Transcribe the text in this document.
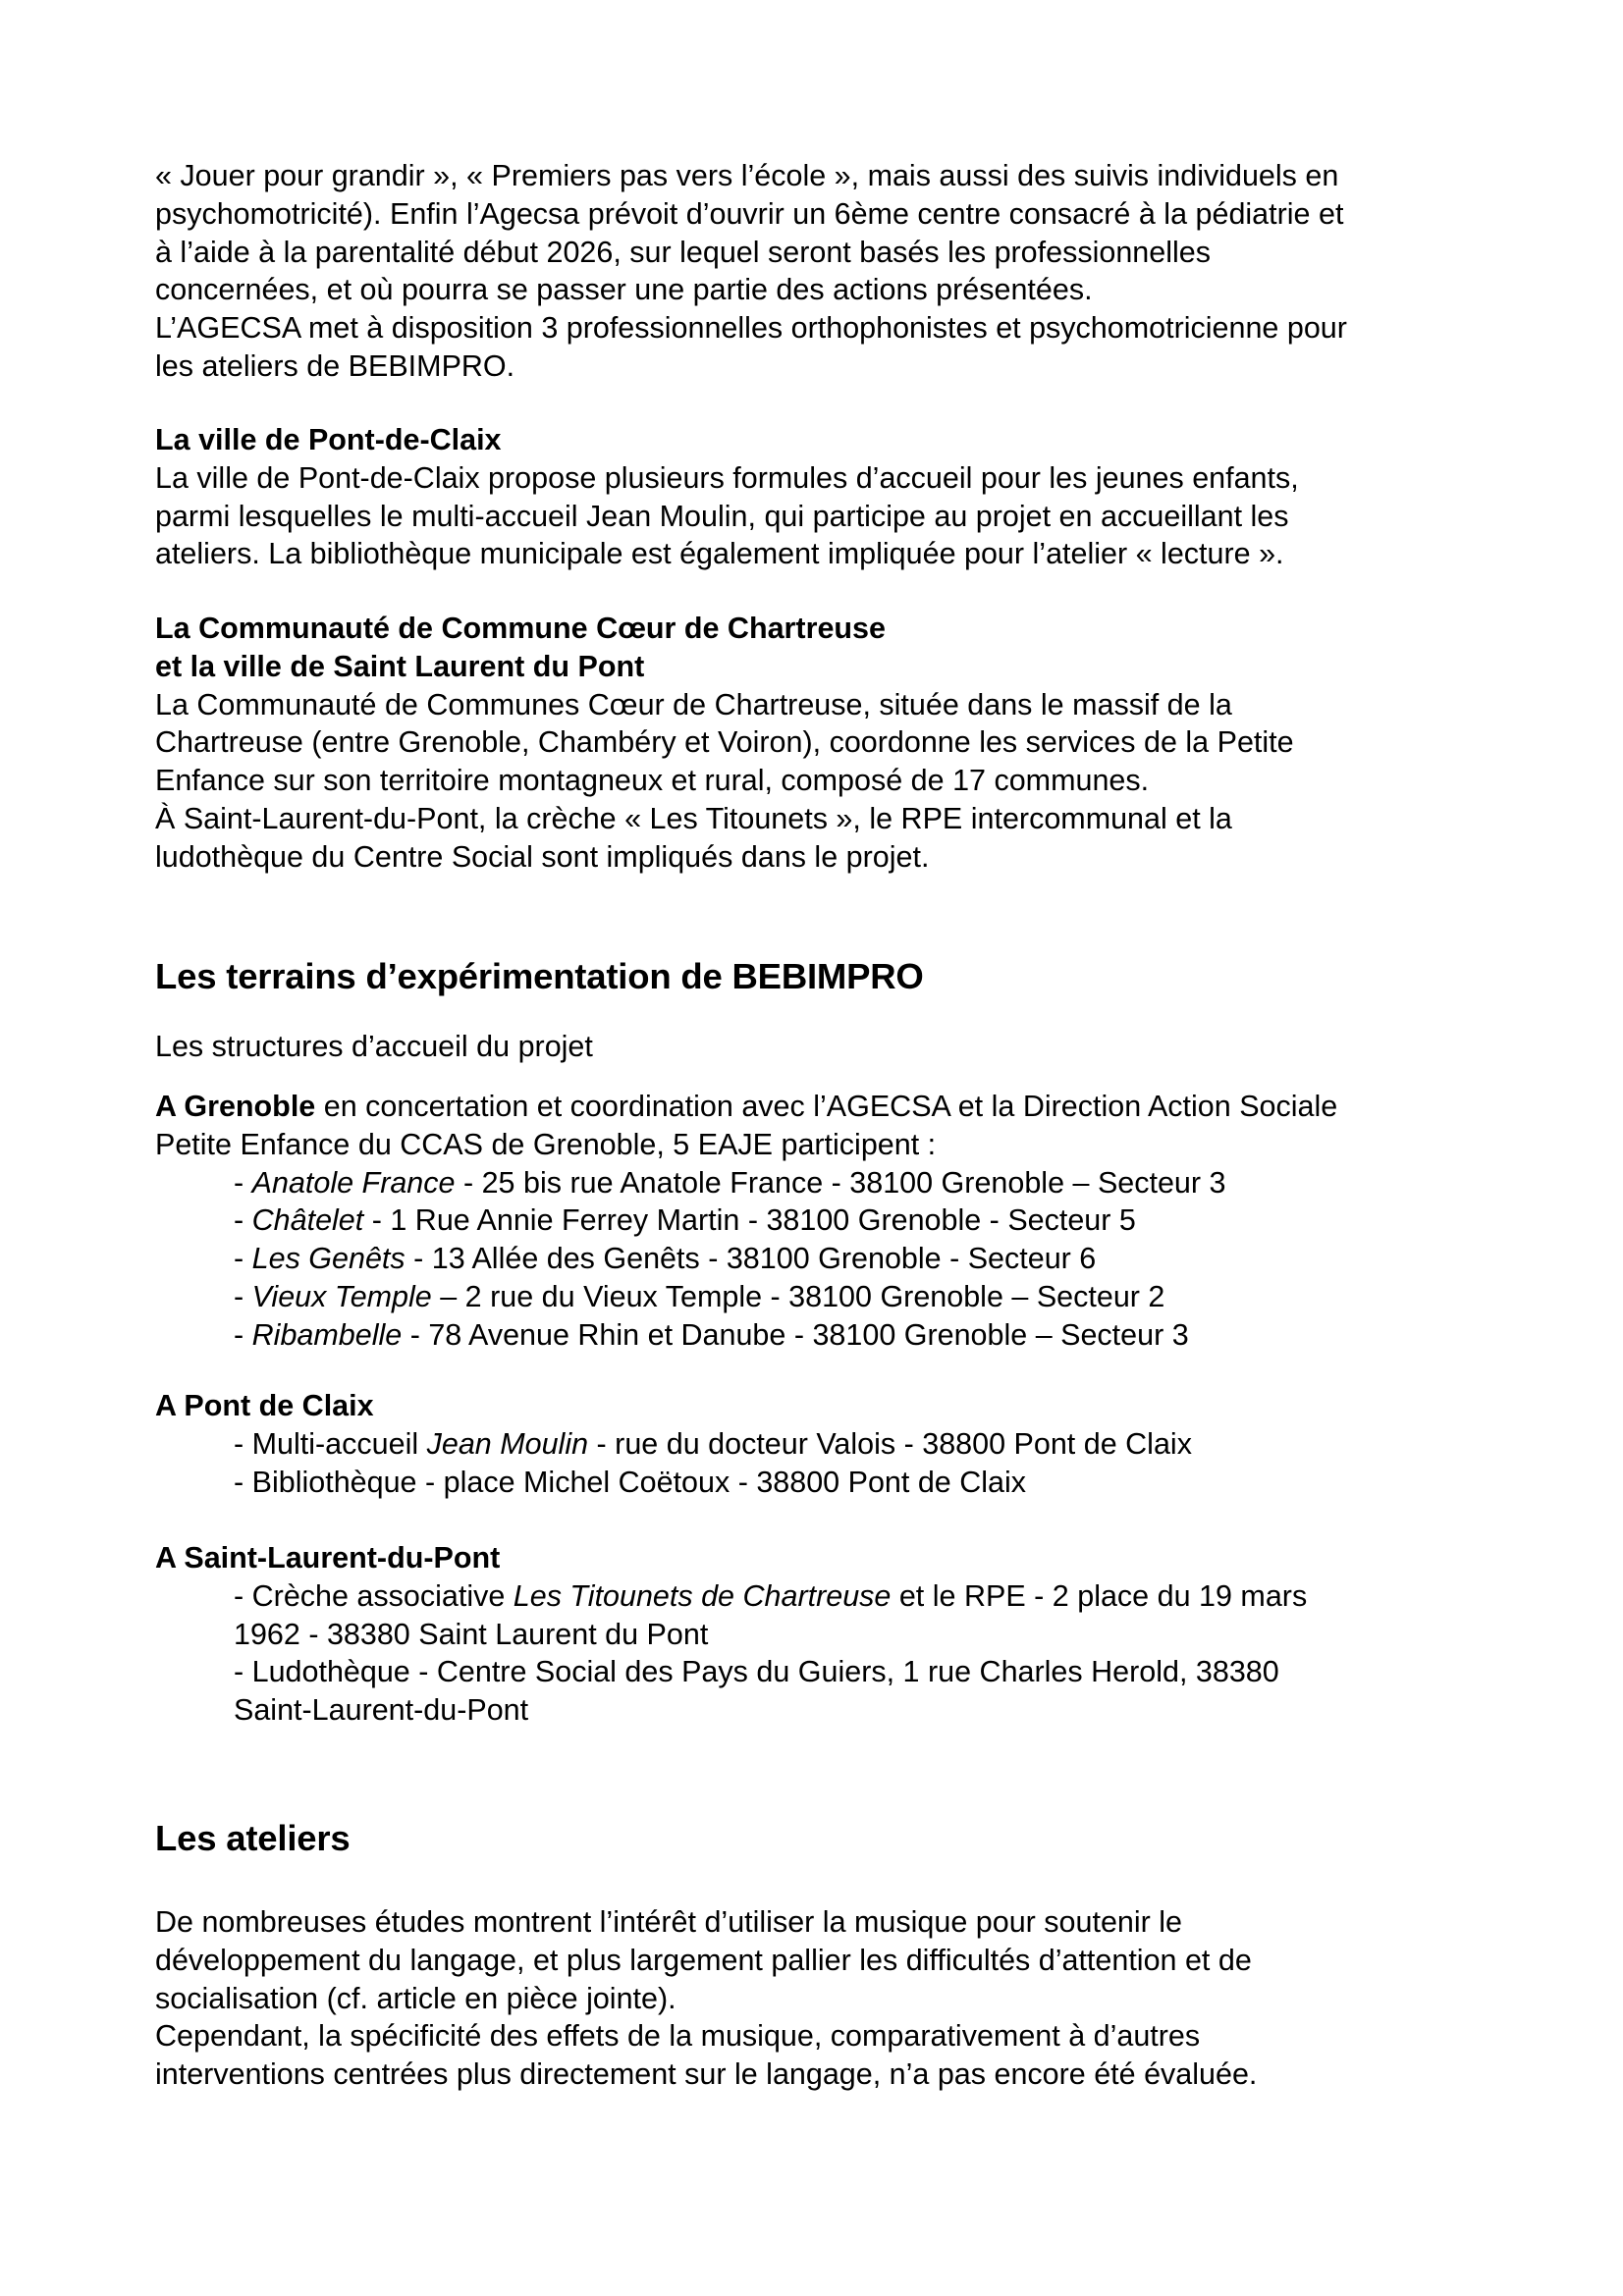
« Jouer pour grandir », « Premiers pas vers l’école », mais aussi des suivis individuels en

psychomotricité). Enfin l’Agecsa prévoit d’ouvrir un 6ème centre consacré à la pédiatrie et

à l’aide à la parentalité début 2026, sur lequel seront basés les professionnelles

concernées, et où pourra se passer une partie des actions présentées.

L’AGECSA met à disposition 3 professionnelles orthophonistes et psychomotricienne pour

les ateliers de BEBIMPRO.

La ville de Pont-de-Claix

La ville de Pont-de-Claix propose plusieurs formules d’accueil pour les jeunes enfants,

parmi lesquelles le multi-accueil Jean Moulin, qui participe au projet en accueillant les

ateliers. La bibliothèque municipale est également impliquée pour l’atelier « lecture ».

La Communauté de Commune Cœur de Chartreuse

et la ville de Saint Laurent du Pont

La Communauté de Communes Cœur de Chartreuse, située dans le massif de la

Chartreuse (entre Grenoble, Chambéry et Voiron), coordonne les services de la Petite

Enfance sur son territoire montagneux et rural, composé de 17 communes.

À Saint-Laurent-du-Pont, la crèche « Les Titounets », le RPE intercommunal et la

ludothèque du Centre Social sont impliqués dans le projet.

Les terrains d’expérimentation de BEBIMPRO

Les structures d’accueil du projet

A Grenoble en concertation et coordination avec l’AGECSA et la Direction Action Sociale

Petite Enfance du CCAS de Grenoble, 5 EAJE participent :

- Anatole France - 25 bis rue Anatole France - 38100 Grenoble – Secteur 3

- Châtelet - 1 Rue Annie Ferrey Martin - 38100 Grenoble - Secteur 5

- Les Genêts - 13 Allée des Genêts - 38100 Grenoble - Secteur 6

- Vieux Temple – 2 rue du Vieux Temple - 38100 Grenoble – Secteur 2

- Ribambelle - 78 Avenue Rhin et Danube - 38100 Grenoble – Secteur 3

A Pont de Claix

- Multi-accueil Jean Moulin - rue du docteur Valois - 38800 Pont de Claix

- Bibliothèque - place Michel Coëtoux - 38800 Pont de Claix

A Saint-Laurent-du-Pont

- Crèche associative Les Titounets de Chartreuse et le RPE - 2 place du 19 mars

1962 - 38380 Saint Laurent du Pont

- Ludothèque - Centre Social des Pays du Guiers, 1 rue Charles Herold, 38380

Saint-Laurent-du-Pont

Les ateliers

De nombreuses études montrent l’intérêt d’utiliser la musique pour soutenir le

développement du langage, et plus largement pallier les difficultés d’attention et de

socialisation (cf. article en pièce jointe).

Cependant, la spécificité des effets de la musique, comparativement à d’autres

interventions centrées plus directement sur le langage, n’a pas encore été évaluée.
